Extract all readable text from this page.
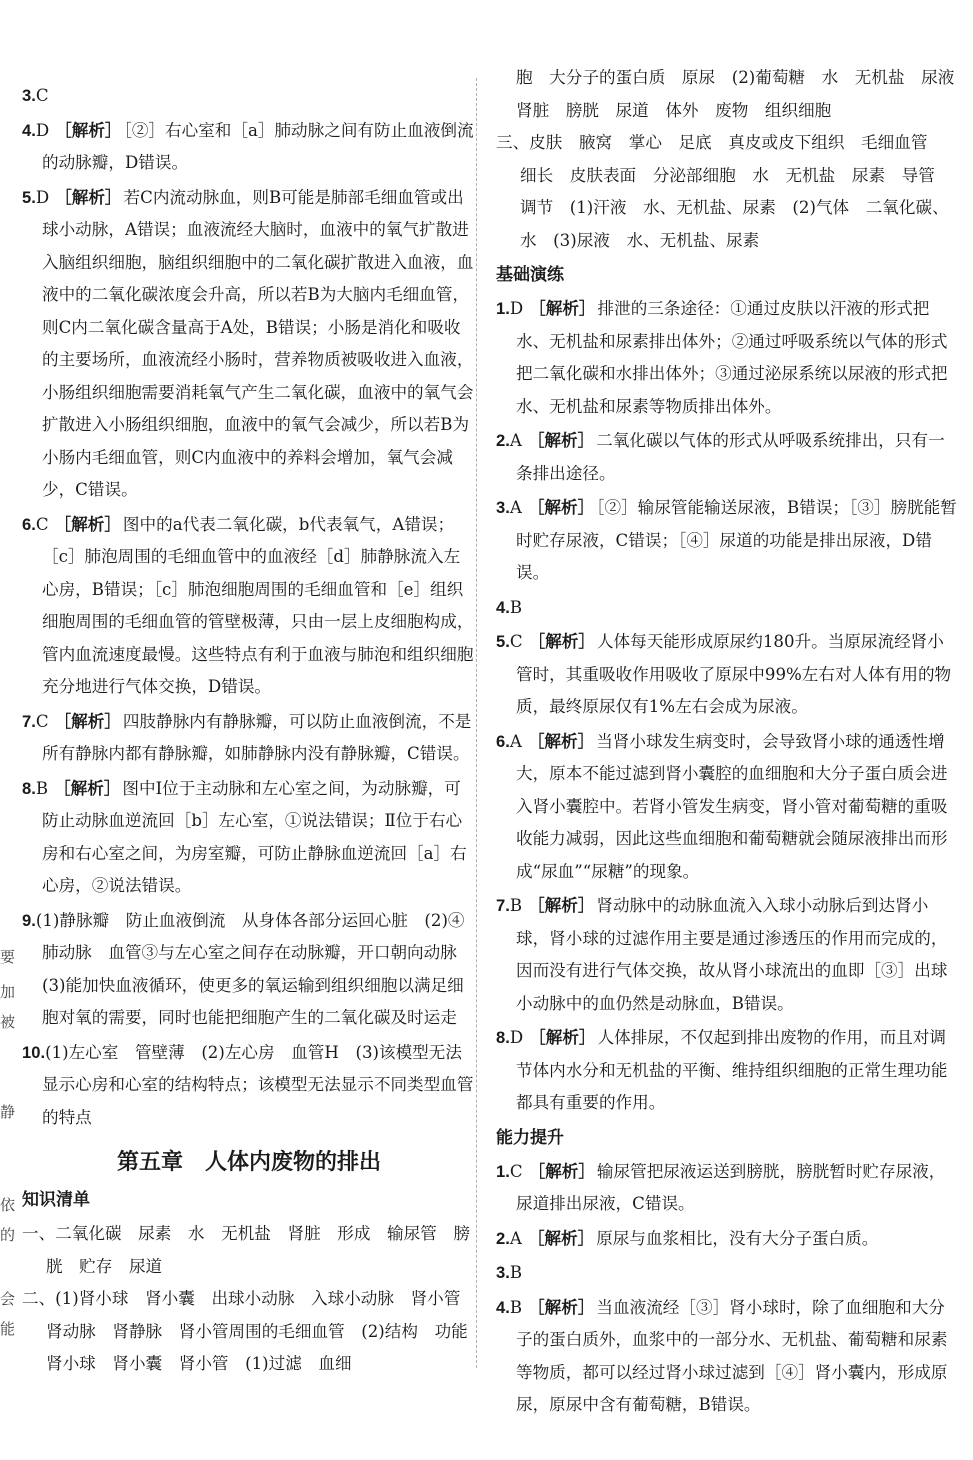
要
加
被
静
依
的
会
能
3.C
4.D ［解析］ ［②］右心室和［a］肺动脉之间有防止血液倒流的动脉瓣，D错误。
5.D ［解析］ 若C内流动脉血，则B可能是肺部毛细血管或出球小动脉，A错误；血液流经大脑时，血液中的氧气扩散进入脑组织细胞，脑组织细胞中的二氧化碳扩散进入血液，血液中的二氧化碳浓度会升高，所以若B为大脑内毛细血管，则C内二氧化碳含量高于A处，B错误；小肠是消化和吸收的主要场所，血液流经小肠时，营养物质被吸收进入血液，小肠组织细胞需要消耗氧气产生二氧化碳，血液中的氧气会扩散进入小肠组织细胞，血液中的氧气会减少，所以若B为小肠内毛细血管，则C内血液中的养料会增加，氧气会减少，C错误。
6.C ［解析］ 图中的a代表二氧化碳，b代表氧气，A错误；［c］肺泡周围的毛细血管中的血液经［d］肺静脉流入左心房，B错误；［c］肺泡细胞周围的毛细血管和［e］组织细胞周围的毛细血管的管壁极薄，只由一层上皮细胞构成，管内血流速度最慢。这些特点有利于血液与肺泡和组织细胞充分地进行气体交换，D错误。
7.C ［解析］ 四肢静脉内有静脉瓣，可以防止血液倒流，不是所有静脉内都有静脉瓣，如肺静脉内没有静脉瓣，C错误。
8.B ［解析］ 图中Ⅰ位于主动脉和左心室之间，为动脉瓣，可防止动脉血逆流回［b］左心室，①说法错误；Ⅱ位于右心房和右心室之间，为房室瓣，可防止静脉血逆流回［a］右心房，②说法错误。
9.(1)静脉瓣　防止血液倒流　从身体各部分运回心脏　(2)④　肺动脉　血管③与左心室之间存在动脉瓣，开口朝向动脉　(3)能加快血液循环，使更多的氧运输到组织细胞以满足细胞对氧的需要，同时也能把细胞产生的二氧化碳及时运走
10.(1)左心室　管壁薄　(2)左心房　血管H　(3)该模型无法显示心房和心室的结构特点；该模型无法显示不同类型血管的特点
第五章　人体内废物的排出
知识清单

一、二氧化碳　尿素　水　无机盐　肾脏　形成　输尿管　膀胱　贮存　尿道

二、(1)肾小球　肾小囊　出球小动脉　入球小动脉　肾小管　肾动脉　肾静脉　肾小管周围的毛细血管　(2)结构　功能　肾小球　肾小囊　肾小管　(1)过滤　血细

胞　大分子的蛋白质　原尿　(2)葡萄糖　水　无机盐　尿液　肾脏　膀胱　尿道　体外　废物　组织细胞

三、皮肤　腋窝　掌心　足底　真皮或皮下组织　毛细血管　细长　皮肤表面　分泌部细胞　水　无机盐　尿素　导管　调节　(1)汗液　水、无机盐、尿素　(2)气体　二氧化碳、水　(3)尿液　水、无机盐、尿素

基础演练
1.D ［解析］ 排泄的三条途径：①通过皮肤以汗液的形式把水、无机盐和尿素排出体外；②通过呼吸系统以气体的形式把二氧化碳和水排出体外；③通过泌尿系统以尿液的形式把水、无机盐和尿素等物质排出体外。
2.A ［解析］ 二氧化碳以气体的形式从呼吸系统排出，只有一条排出途径。
3.A ［解析］ ［②］输尿管能输送尿液，B错误；［③］膀胱能暂时贮存尿液，C错误；［④］尿道的功能是排出尿液，D错误。
4.B
5.C ［解析］ 人体每天能形成原尿约180升。当原尿流经肾小管时，其重吸收作用吸收了原尿中99%左右对人体有用的物质，最终原尿仅有1%左右会成为尿液。
6.A ［解析］ 当肾小球发生病变时，会导致肾小球的通透性增大，原本不能过滤到肾小囊腔的血细胞和大分子蛋白质会进入肾小囊腔中。若肾小管发生病变，肾小管对葡萄糖的重吸收能力减弱，因此这些血细胞和葡萄糖就会随尿液排出而形成“尿血”“尿糖”的现象。
7.B ［解析］ 肾动脉中的动脉血流入入球小动脉后到达肾小球，肾小球的过滤作用主要是通过渗透压的作用而完成的，因而没有进行气体交换，故从肾小球流出的血即［③］出球小动脉中的血仍然是动脉血，B错误。
8.D ［解析］ 人体排尿，不仅起到排出废物的作用，而且对调节体内水分和无机盐的平衡、维持组织细胞的正常生理功能都具有重要的作用。
能力提升
1.C ［解析］ 输尿管把尿液运送到膀胱，膀胱暂时贮存尿液，尿道排出尿液，C错误。
2.A ［解析］ 原尿与血浆相比，没有大分子蛋白质。
3.B
4.B ［解析］ 当血液流经［③］肾小球时，除了血细胞和大分子的蛋白质外，血浆中的一部分水、无机盐、葡萄糖和尿素等物质，都可以经过肾小球过滤到［④］肾小囊内，形成原尿，原尿中含有葡萄糖，B错误。
